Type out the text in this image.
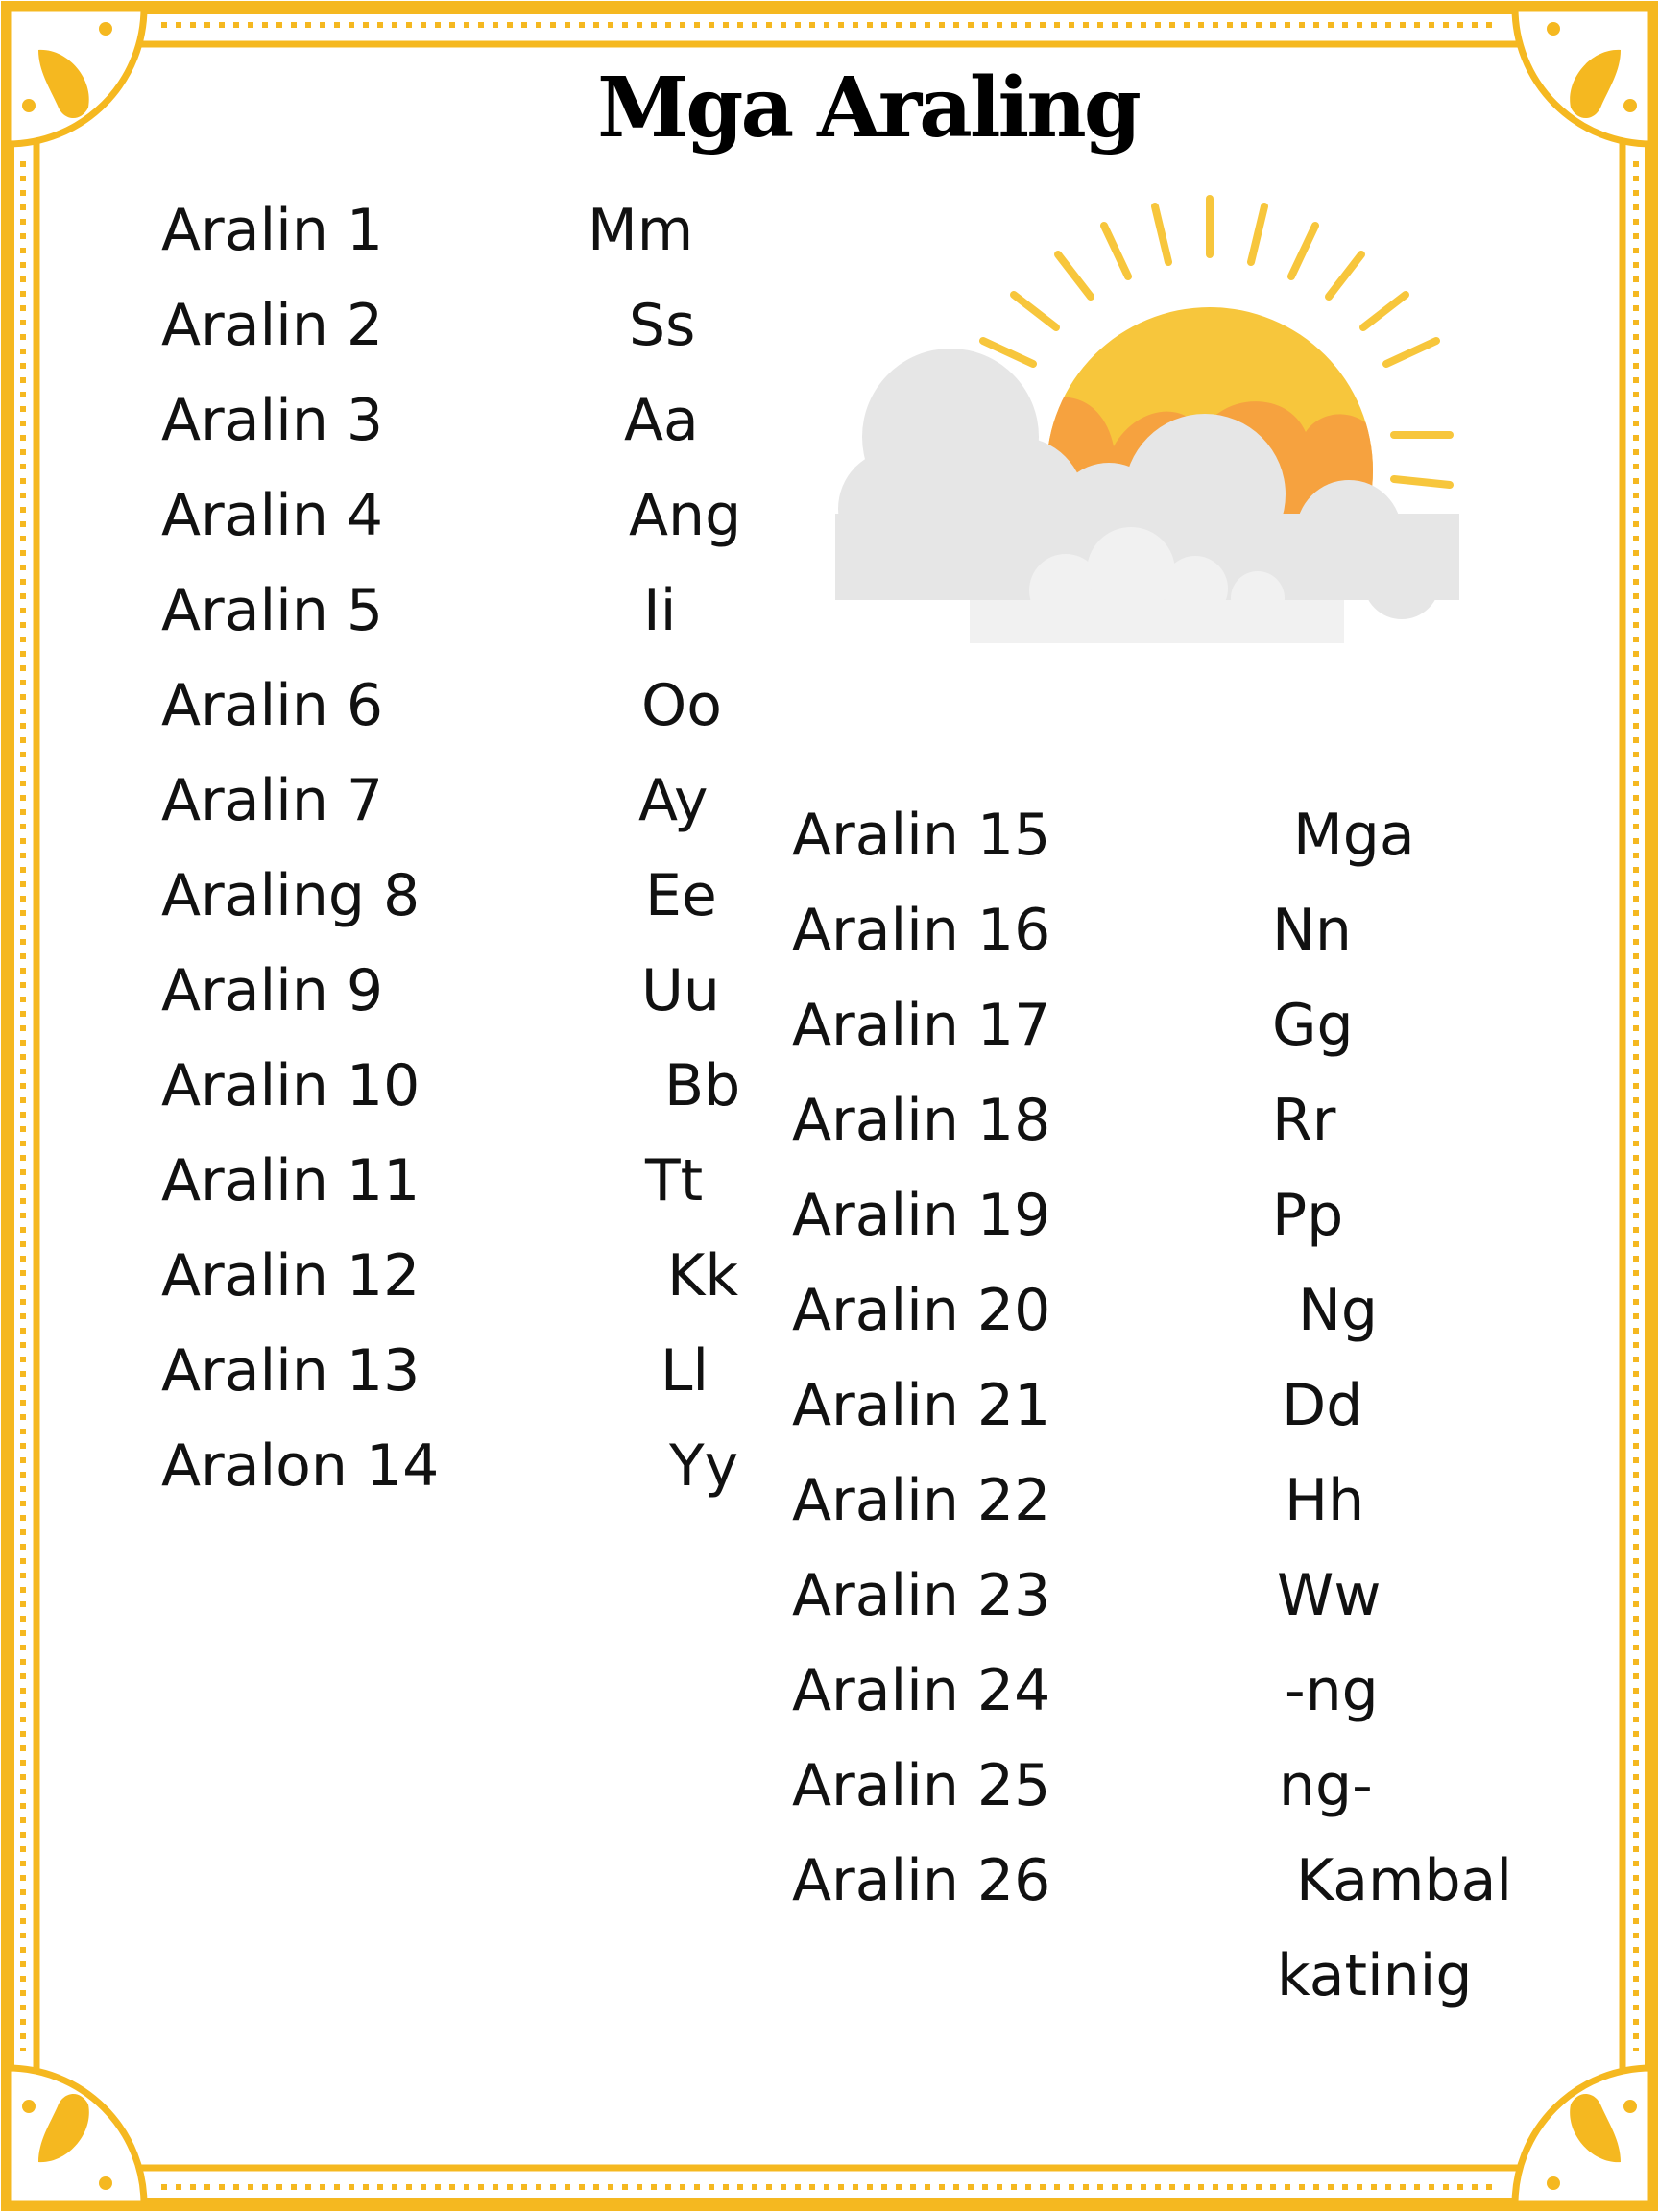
Mga Araling
Aralin 1	Mm
Aralin 2	Ss
Aralin 3	Aa
Aralin 4	Ang
Aralin 5	Ii
Aralin 6	Oo
Aralin 7	Ay
Araling 8	Ee
Aralin 9	Uu
Aralin 10	Bb
Aralin 11	Tt
Aralin 12	Kk
Aralin 13	Ll
Aralon 14	Yy
Aralin 15	Mga
Aralin 16	Nn
Aralin 17	Gg
Aralin 18	Rr
Aralin 19	Pp
Aralin 20	Ng
Aralin 21	Dd
Aralin 22	Hh
Aralin 23	Ww
Aralin 24	-ng
Aralin 25	ng-
Aralin 26	Kambal
katinig
